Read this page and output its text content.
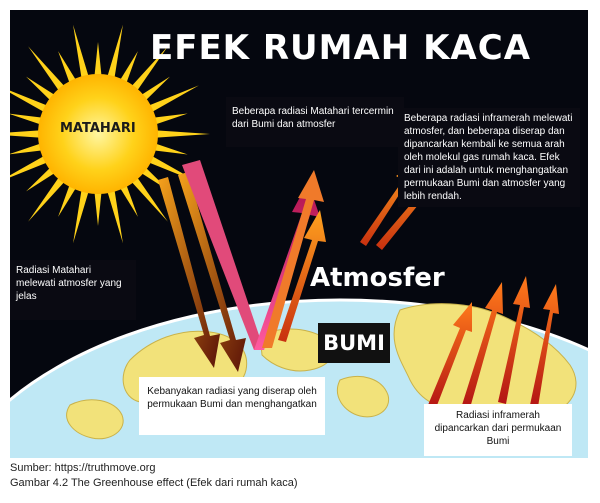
EFEK RUMAH KACA
MATAHARI
Atmosfer
BUMI
Beberapa radiasi Matahari tercermin dari Bumi dan atmosfer
Beberapa radiasi inframerah melewati atmosfer, dan beberapa diserap dan dipancarkan kembali ke semua arah oleh molekul gas rumah kaca. Efek dari ini adalah untuk menghangatkan permukaan Bumi dan atmosfer yang lebih rendah.
Radiasi Matahari melewati atmosfer yang jelas
Kebanyakan radiasi yang diserap oleh permukaan Bumi dan menghangatkan
Radiasi inframerah dipancarkan dari permukaan Bumi
Sumber: https://truthmove.org
Gambar 4.2 The Greenhouse effect (Efek dari rumah kaca)
